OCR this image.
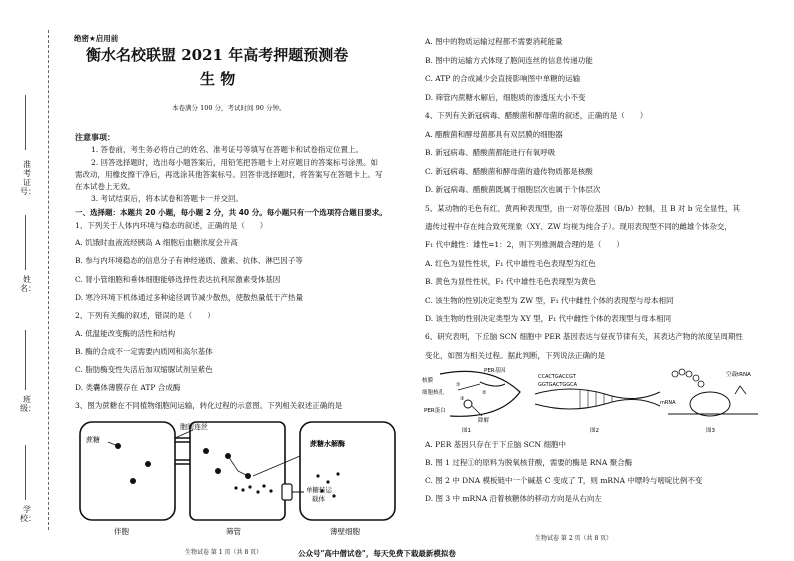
准考证号：
姓名：
班级：
学校：
绝密★启用前
衡水名校联盟 2021 年高考押题预测卷
生 物
本卷满分 100 分，考试时间 90 分钟。
注意事项：
1. 答卷前，考生务必将自己的姓名、准考证号等填写在答题卡和试卷指定位置上。
2. 回答选择题时，选出每小题答案后，用铅笔把答题卡上对应题目的答案标号涂黑。如
需改动，用橡皮擦干净后，再选涂其他答案标号。回答非选择题时，将答案写在答题卡上。写
在本试卷上无效。
3. 考试结束后，将本试卷和答题卡一并交回。
一、选择题：本题共 20 小题，每小题 2 分，共 40 分。每小题只有一个选项符合题目要求。
1、下列关于人体内环境与稳态的叙述，正确的是（　　）
A. 饥饿时血液流经胰岛 A 细胞后血糖浓度会升高
B. 参与内环境稳态的信息分子有神经递质、激素、抗体、淋巴因子等
C. 肾小管细胞和垂体细胞能够选择性表达抗利尿激素受体基因
D. 寒冷环境下机体通过多种途径调节减少散热，使散热量低于产热量
2、下列有关酶的叙述，错误的是（　　）
A. 低温能改变酶的活性和结构
B. 酶的合成不一定需要内质网和高尔基体
C. 脂肪酶变性失活后加双缩脲试剂呈紫色
D. 类囊体薄膜存在 ATP 合成酶
3、图为蔗糖在不同植物细胞间运输，转化过程的示意图。下列相关叙述正确的是
蔗糖
胞间连丝
蔗糖水解酶
单糖转运
载体
伴胞	筛管	薄壁细胞
生物试卷 第 1 页（共 8 页）
A. 图中的物质运输过程都不需要消耗能量
B. 图中的运输方式体现了胞间连丝的信息传递功能
C. ATP 的合成减少会直接影响图中单糖的运输
D. 筛管内蔗糖水解后，细胞质的渗透压大小不变
4、下列有关新冠病毒、醋酸菌和酵母菌的叙述，正确的是（　　）
A. 醋酸菌和酵母菌都具有双层膜的细胞器
B. 新冠病毒、醋酸菌都能进行有氧呼吸
C. 新冠病毒、醋酸菌和酵母菌的遗传物质都是核酸
D. 新冠病毒、醋酸菌既属于细胞层次也属于个体层次
5、某动物的毛色有红、黄两种表现型，由一对等位基因（B/b）控制，且 B 对 b 完全显性，其
遗传过程中存在纯合致死现象（XY、ZW 均视为纯合子）。现用表现型不同的雌雄个体杂交，
F₁ 代中雌性：雄性=1：2，则下列推测最合理的是（　　）
A. 红色为显性性状，F₁ 代中雄性毛色表现型为红色
B. 黄色为显性性状，F₁ 代中雄性毛色表现型为黄色
C. 该生物的性别决定类型为 ZW 型，F₁ 代中雌性个体的表现型与母本相同
D. 该生物的性别决定类型为 XY 型，F₁ 代中雌性个体的表现型与母本相同
6、研究表明，下丘脑 SCN 细胞中 PER 基因表达与昼夜节律有关，其表达产物的浓度呈周期性
变化，如图为相关过程。据此判断，下列说法正确的是
①
②
③
PER基因
核膜
细胞核孔
PER蛋白
降解
图1
CCACTGACCGT
GGTGACTGGCA
图2
mRNA
空载tRNA
图3
A. PER 基因只存在于下丘脑 SCN 细胞中
B. 图 1 过程①的原料为脱氧核苷酸，需要的酶是 RNA 聚合酶
C. 图 2 中 DNA 模板链中一个碱基 C 变成了 T，则 mRNA 中嘌呤与嘧啶比例不变
D. 图 3 中 mRNA 沿着核糖体的移动方向是从右向左
生物试卷 第 2 页（共 8 页）
公众号"高中僧试卷"，每天免费下载最新模拟卷
